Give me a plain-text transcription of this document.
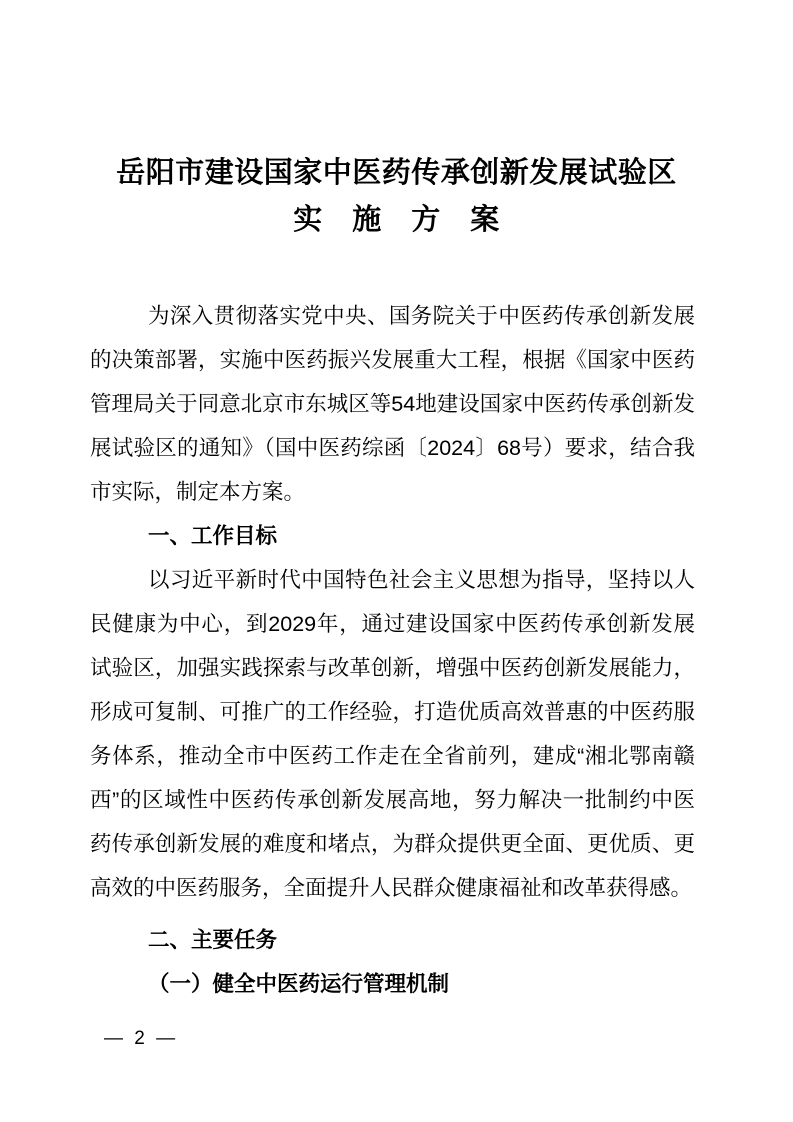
岳阳市建设国家中医药传承创新发展试验区
实　施　方　案

为深入贯彻落实党中央、国务院关于中医药传承创新发展的决策部署，实施中医药振兴发展重大工程，根据《国家中医药管理局关于同意北京市东城区等54地建设国家中医药传承创新发展试验区的通知》（国中医药综函〔2024〕68号）要求，结合我市实际，制定本方案。

一、工作目标

以习近平新时代中国特色社会主义思想为指导，坚持以人民健康为中心，到2029年，通过建设国家中医药传承创新发展试验区，加强实践探索与改革创新，增强中医药创新发展能力，形成可复制、可推广的工作经验，打造优质高效普惠的中医药服务体系，推动全市中医药工作走在全省前列，建成“湘北鄂南赣西”的区域性中医药传承创新发展高地，努力解决一批制约中医药传承创新发展的难度和堵点，为群众提供更全面、更优质、更高效的中医药服务，全面提升人民群众健康福祉和改革获得感。

二、主要任务

（一）健全中医药运行管理机制

— 2 —
